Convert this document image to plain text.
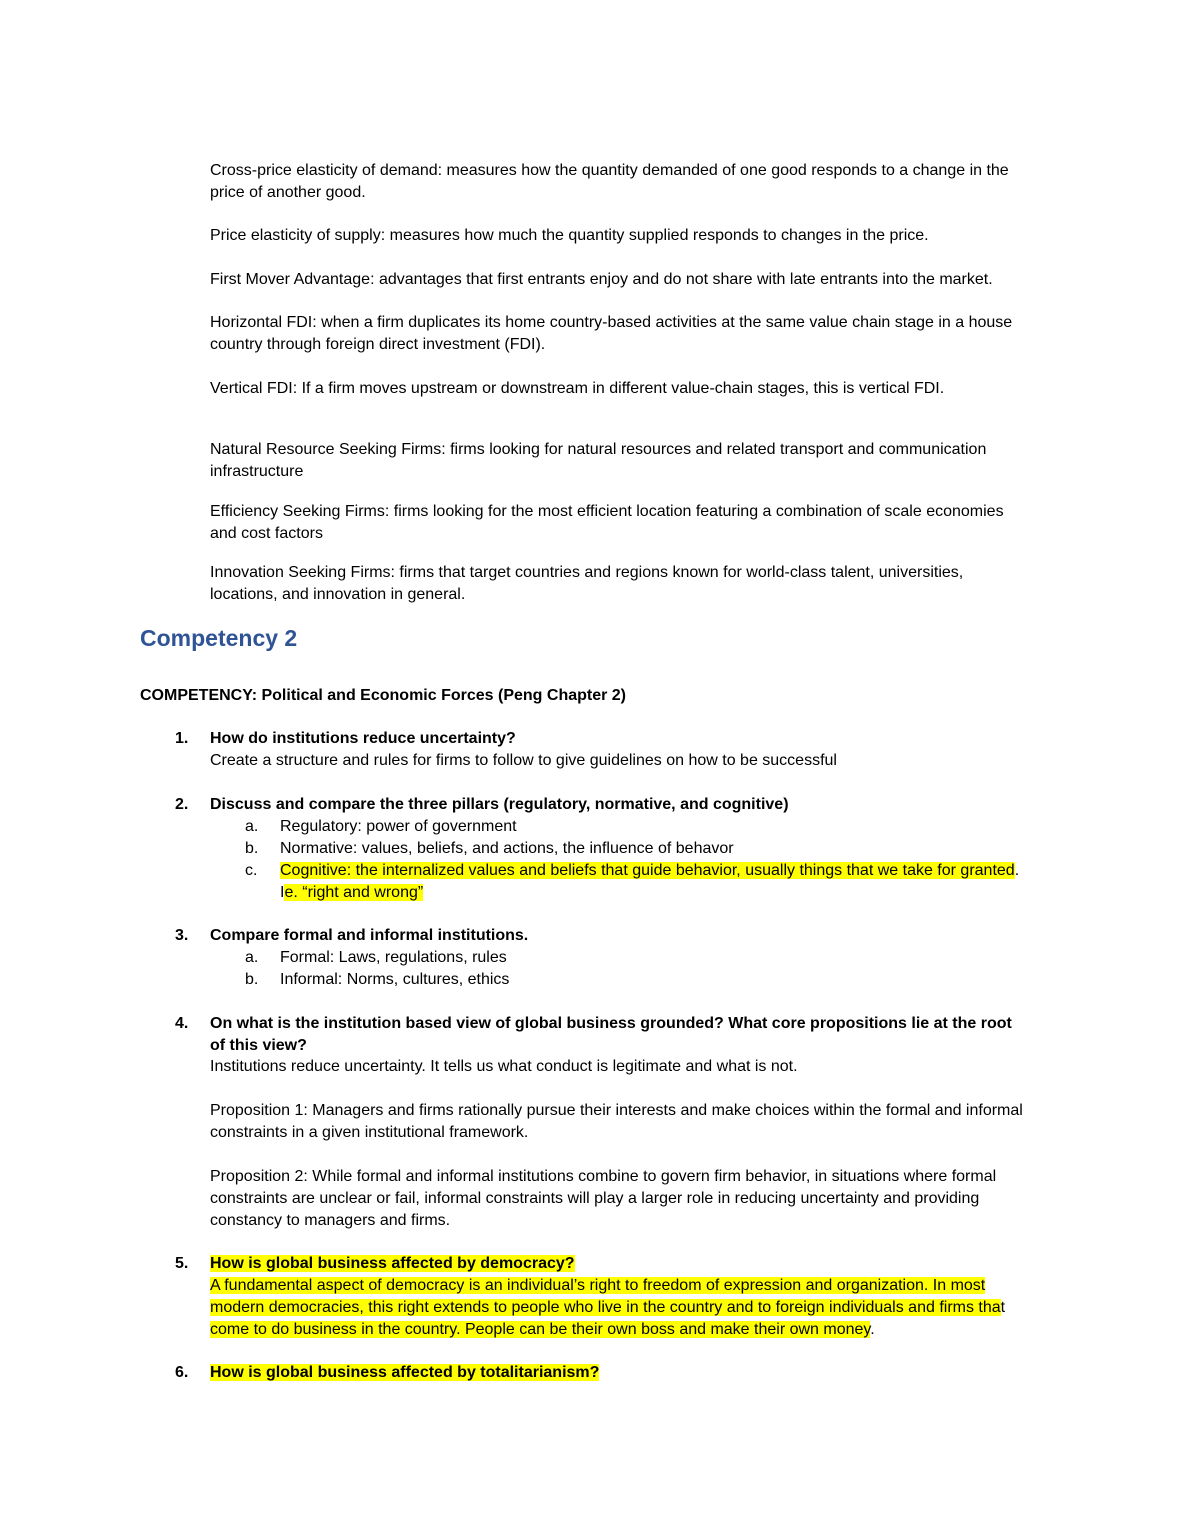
Cross-price elasticity of demand: measures how the quantity demanded of one good responds to a change in the
price of another good.

Price elasticity of supply: measures how much the quantity supplied responds to changes in the price.

First Mover Advantage: advantages that first entrants enjoy and do not share with late entrants into the market.

Horizontal FDI: when a firm duplicates its home country-based activities at the same value chain stage in a house
country through foreign direct investment (FDI).

Vertical FDI: If a firm moves upstream or downstream in different value-chain stages, this is vertical FDI.

Natural Resource Seeking Firms: firms looking for natural resources and related transport and communication
infrastructure

Efficiency Seeking Firms: firms looking for the most efficient location featuring a combination of scale economies
and cost factors

Innovation Seeking Firms: firms that target countries and regions known for world-class talent, universities,
locations, and innovation in general.

Competency 2

COMPETENCY: Political and Economic Forces (Peng Chapter 2)

1. How do institutions reduce uncertainty?

Create a structure and rules for firms to follow to give guidelines on how to be successful

2. Discuss and compare the three pillars (regulatory, normative, and cognitive)

a. Regulatory: power of government

b. Normative: values, beliefs, and actions, the influence of behavor

c. Cognitive: the internalized values and beliefs that guide behavior, usually things that we take for granted.
Ie. “right and wrong”

3. Compare formal and informal institutions.

a. Formal: Laws, regulations, rules

b. Informal: Norms, cultures, ethics

4. On what is the institution based view of global business grounded? What core propositions lie at the root
of this view?

Institutions reduce uncertainty. It tells us what conduct is legitimate and what is not.

Proposition 1: Managers and firms rationally pursue their interests and make choices within the formal and informal
constraints in a given institutional framework.

Proposition 2: While formal and informal institutions combine to govern firm behavior, in situations where formal
constraints are unclear or fail, informal constraints will play a larger role in reducing uncertainty and providing
constancy to managers and firms.

5. How is global business affected by democracy?

A fundamental aspect of democracy is an individual’s right to freedom of expression and organization. In most
modern democracies, this right extends to people who live in the country and to foreign individuals and firms that
come to do business in the country. People can be their own boss and make their own money.

6. How is global business affected by totalitarianism?
